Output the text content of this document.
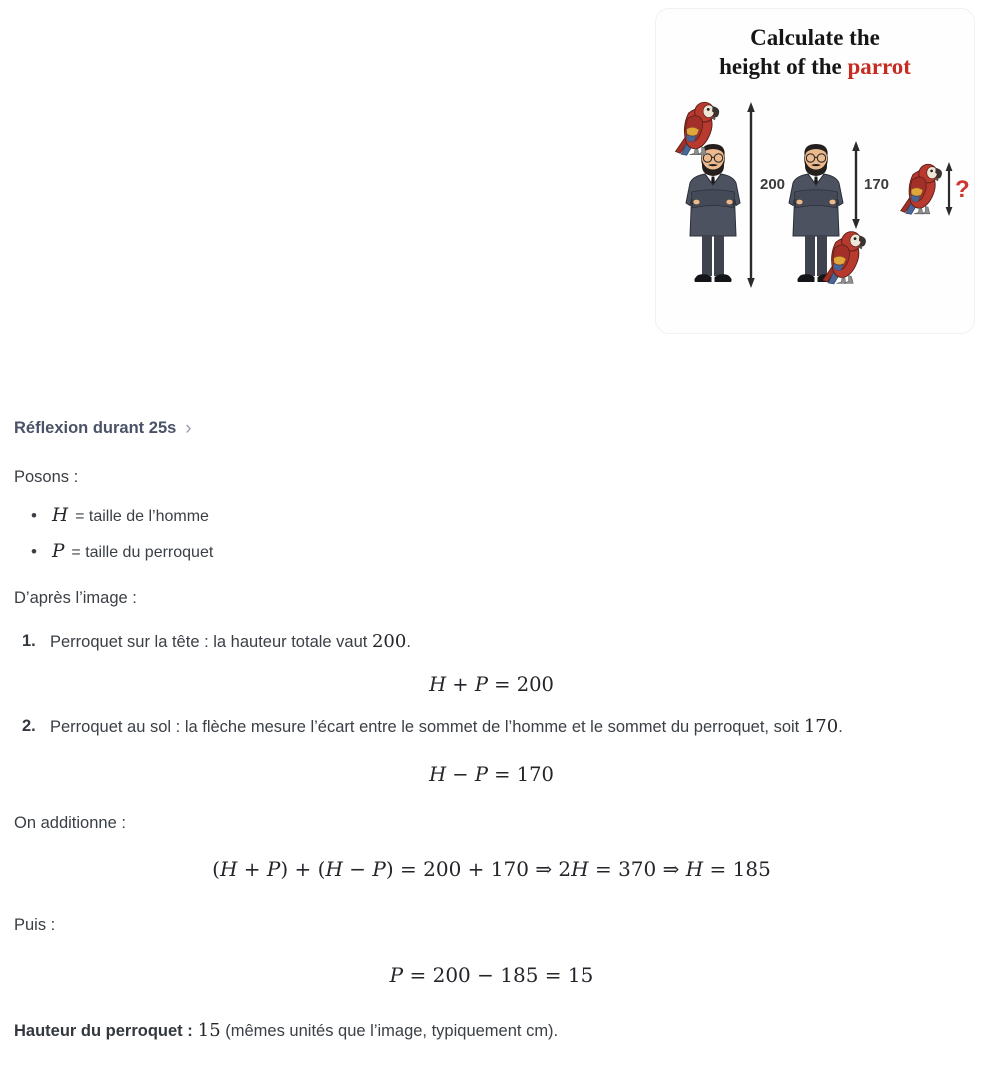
Calculate the
height of the parrot
200	170	?
Réflexion durant 25s ›

Posons :

• H = taille de l’homme
• P = taille du perroquet

D’après l’image :

1. Perroquet sur la tête : la hauteur totale vaut 200.
H + P = 200
2. Perroquet au sol : la flèche mesure l’écart entre le sommet de l’homme et le sommet du perroquet, soit 170.
H − P = 170

On additionne :

(H + P) + (H − P) = 200 + 170 ⇒ 2H = 370 ⇒ H = 185

Puis :

P = 200 − 185 = 15

Hauteur du perroquet : 15 (mêmes unités que l’image, typiquement cm).
